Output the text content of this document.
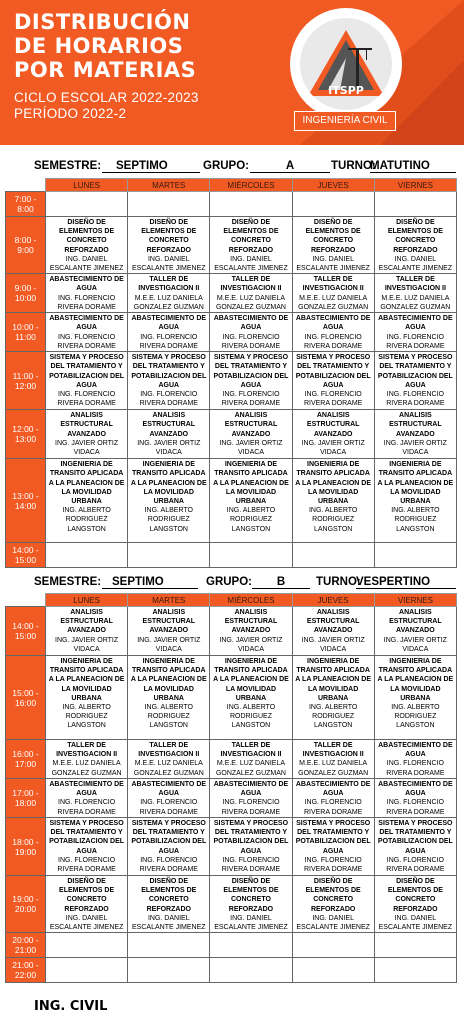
DISTRIBUCIÓN
DE HORARIOS
POR MATERIAS
CICLO ESCOLAR 2022-2023
PERÍODO 2022-2
ITSPP
INGENIERÍA CIVIL
SEMESTRE:	SEPTIMO	GRUPO:	A	TURNO:
MATUTINO
	LUNES	MARTES	MIÉRCOLES	JUEVES	VIERNES
7:00 - 8:00					
8:00 - 9:00	DISEÑO DE ELEMENTOS DE CONCRETO REFORZADO
ING. DANIEL ESCALANTE JIMENEZ	DISEÑO DE ELEMENTOS DE CONCRETO REFORZADO
ING. DANIEL ESCALANTE JIMENEZ	DISEÑO DE ELEMENTOS DE CONCRETO REFORZADO
ING. DANIEL ESCALANTE JIMENEZ	DISEÑO DE ELEMENTOS DE CONCRETO REFORZADO
ING. DANIEL ESCALANTE JIMENEZ	DISEÑO DE ELEMENTOS DE CONCRETO REFORZADO
ING. DANIEL ESCALANTE JIMENEZ

9:00 - 10:00	ABASTECIMIENTO DE AGUA
ING. FLORENCIO RIVERA DORAME	TALLER DE INVESTIGACION II
M.E.E. LUZ DANIELA GONZALEZ GUZMAN	TALLER DE INVESTIGACION II
M.E.E. LUZ DANIELA GONZALEZ GUZMAN	TALLER DE INVESTIGACION II
M.E.E. LUZ DANIELA GONZALEZ GUZMAN	TALLER DE INVESTIGACION II
M.E.E. LUZ DANIELA GONZALEZ GUZMAN

10:00 - 11:00	ABASTECIMIENTO DE AGUA
ING. FLORENCIO RIVERA DORAME	ABASTECIMIENTO DE AGUA
ING. FLORENCIO RIVERA DORAME	ABASTECIMIENTO DE AGUA
ING. FLORENCIO RIVERA DORAME	ABASTECIMIENTO DE AGUA
ING. FLORENCIO RIVERA DORAME	ABASTECIMIENTO DE AGUA
ING. FLORENCIO RIVERA DORAME

11:00 - 12:00	SISTEMA Y PROCESO DEL TRATAMIENTO Y POTABILIZACION DEL AGUA
ING. FLORENCIO RIVERA DORAME	SISTEMA Y PROCESO DEL TRATAMIENTO Y POTABILIZACION DEL AGUA
ING. FLORENCIO RIVERA DORAME	SISTEMA Y PROCESO DEL TRATAMIENTO Y POTABILIZACION DEL AGUA
ING. FLORENCIO RIVERA DORAME	SISTEMA Y PROCESO DEL TRATAMIENTO Y POTABILIZACION DEL AGUA
ING. FLORENCIO RIVERA DORAME	SISTEMA Y PROCESO DEL TRATAMIENTO Y POTABILIZACION DEL AGUA
ING. FLORENCIO RIVERA DORAME

12:00 - 13:00	ANALISIS ESTRUCTURAL AVANZADO
ING. JAVIER ORTIZ VIDACA	ANALISIS ESTRUCTURAL AVANZADO
ING. JAVIER ORTIZ VIDACA	ANALISIS ESTRUCTURAL AVANZADO
ING. JAVIER ORTIZ VIDACA	ANALISIS ESTRUCTURAL AVANZADO
ING. JAVIER ORTIZ VIDACA	ANALISIS ESTRUCTURAL AVANZADO
ING. JAVIER ORTIZ VIDACA

13:00 - 14:00	INGENIERIA DE TRANSITO APLICADA A LA PLANEACION DE LA MOVILIDAD URBANA
ING. ALBERTO RODRIGUEZ LANGSTON	INGENIERIA DE TRANSITO APLICADA A LA PLANEACION DE LA MOVILIDAD URBANA
ING. ALBERTO RODRIGUEZ LANGSTON	INGENIERIA DE TRANSITO APLICADA A LA PLANEACION DE LA MOVILIDAD URBANA
ING. ALBERTO RODRIGUEZ LANGSTON	INGENIERIA DE TRANSITO APLICADA A LA PLANEACION DE LA MOVILIDAD URBANA
ING. ALBERTO RODRIGUEZ LANGSTON	INGENIERIA DE TRANSITO APLICADA A LA PLANEACION DE LA MOVILIDAD URBANA
ING. ALBERTO RODRIGUEZ LANGSTON

14:00 - 15:00					
SEMESTRE: SEPTIMO	GRUPO:	B	TURNO:
VESPERTINO
	LUNES	MARTES	MIÉRCOLES	JUEVES	VIERNES
14:00 - 15:00	ANALISIS ESTRUCTURAL AVANZADO
ING. JAVIER ORTIZ VIDACA	ANALISIS ESTRUCTURAL AVANZADO
ING. JAVIER ORTIZ VIDACA	ANALISIS ESTRUCTURAL AVANZADO
ING. JAVIER ORTIZ VIDACA	ANALISIS ESTRUCTURAL AVANZADO
ING. JAVIER ORTIZ VIDACA	ANALISIS ESTRUCTURAL AVANZADO
ING. JAVIER ORTIZ VIDACA

15:00 - 16:00	INGENIERIA DE TRANSITO APLICADA A LA PLANEACION DE LA MOVILIDAD URBANA
ING. ALBERTO RODRIGUEZ LANGSTON	INGENIERIA DE TRANSITO APLICADA A LA PLANEACION DE LA MOVILIDAD URBANA
ING. ALBERTO RODRIGUEZ LANGSTON	INGENIERIA DE TRANSITO APLICADA A LA PLANEACION DE LA MOVILIDAD URBANA
ING. ALBERTO RODRIGUEZ LANGSTON	INGENIERIA DE TRANSITO APLICADA A LA PLANEACION DE LA MOVILIDAD URBANA
ING. ALBERTO RODRIGUEZ LANGSTON	INGENIERIA DE TRANSITO APLICADA A LA PLANEACION DE LA MOVILIDAD URBANA
ING. ALBERTO RODRIGUEZ LANGSTON

16:00 - 17:00	TALLER DE INVESTIGACION II
M.E.E. LUZ DANIELA GONZALEZ GUZMAN	TALLER DE INVESTIGACION II
M.E.E. LUZ DANIELA GONZALEZ GUZMAN	TALLER DE INVESTIGACION II
M.E.E. LUZ DANIELA GONZALEZ GUZMAN	TALLER DE INVESTIGACION II
M.E.E. LUZ DANIELA GONZALEZ GUZMAN	ABASTECIMIENTO DE AGUA
ING. FLORENCIO RIVERA DORAME

17:00 - 18:00	ABASTECIMIENTO DE AGUA
ING. FLORENCIO RIVERA DORAME	ABASTECIMIENTO DE AGUA
ING. FLORENCIO RIVERA DORAME	ABASTECIMIENTO DE AGUA
ING. FLORENCIO RIVERA DORAME	ABASTECIMIENTO DE AGUA
ING. FLORENCIO RIVERA DORAME	ABASTECIMIENTO DE AGUA
ING. FLORENCIO RIVERA DORAME

18:00 - 19:00	SISTEMA Y PROCESO DEL TRATAMIENTO Y POTABILIZACION DEL AGUA
ING. FLORENCIO RIVERA DORAME	SISTEMA Y PROCESO DEL TRATAMIENTO Y POTABILIZACION DEL AGUA
ING. FLORENCIO RIVERA DORAME	SISTEMA Y PROCESO DEL TRATAMIENTO Y POTABILIZACION DEL AGUA
ING. FLORENCIO RIVERA DORAME	SISTEMA Y PROCESO DEL TRATAMIENTO Y POTABILIZACION DEL AGUA
ING. FLORENCIO RIVERA DORAME	SISTEMA Y PROCESO DEL TRATAMIENTO Y POTABILIZACION DEL AGUA
ING. FLORENCIO RIVERA DORAME

19:00 - 20:00	DISEÑO DE ELEMENTOS DE CONCRETO REFORZADO
ING. DANIEL ESCALANTE JIMENEZ	DISEÑO DE ELEMENTOS DE CONCRETO REFORZADO
ING. DANIEL ESCALANTE JIMENEZ	DISEÑO DE ELEMENTOS DE CONCRETO REFORZADO
ING. DANIEL ESCALANTE JIMENEZ	DISEÑO DE ELEMENTOS DE CONCRETO REFORZADO
ING. DANIEL ESCALANTE JIMENEZ	DISEÑO DE ELEMENTOS DE CONCRETO REFORZADO
ING. DANIEL ESCALANTE JIMENEZ

20:00 - 21:00					
21:00 - 22:00					
ING. CIVIL
